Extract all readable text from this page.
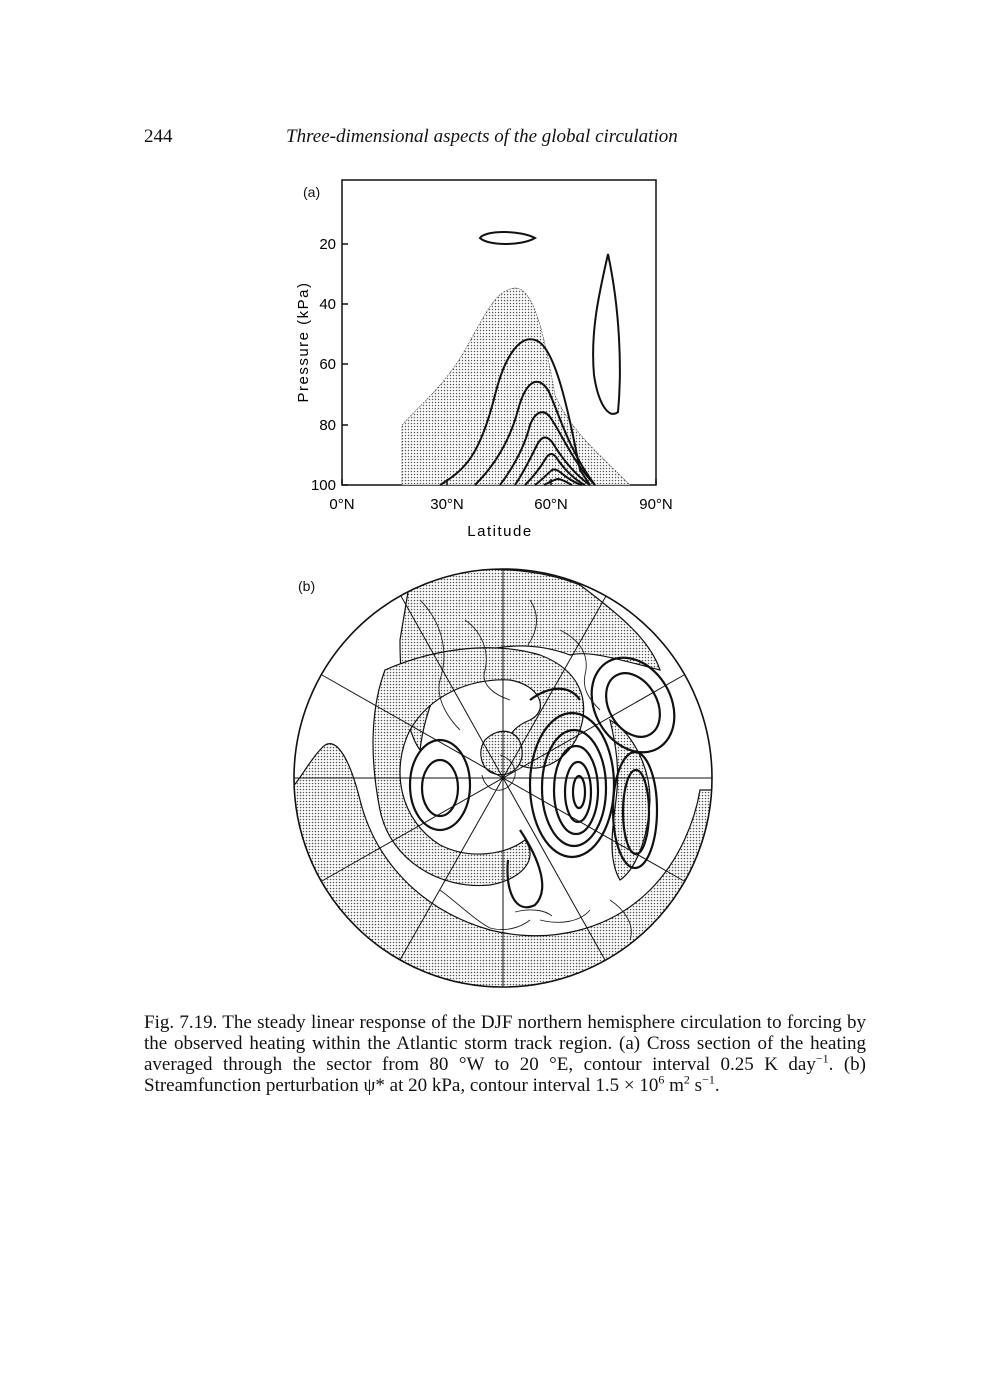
244	Three-dimensional aspects of the global circulation
(a)
20
40
60
80
100
0°N	30°N	60°N	90°N
Latitude
Pressure (kPa)
(b)
Fig. 7.19. The steady linear response of the DJF northern hemisphere circulation to forcing by the observed heating within the Atlantic storm track region. (a) Cross section of the heating averaged through the sector from 80 °W to 20 °E, contour interval 0.25 K day$^{-1}$. (b) Streamfunction perturbation ψ* at 20 kPa, contour interval $1.5 \times 10^6$ $m^2$ $s^{-1}$.
